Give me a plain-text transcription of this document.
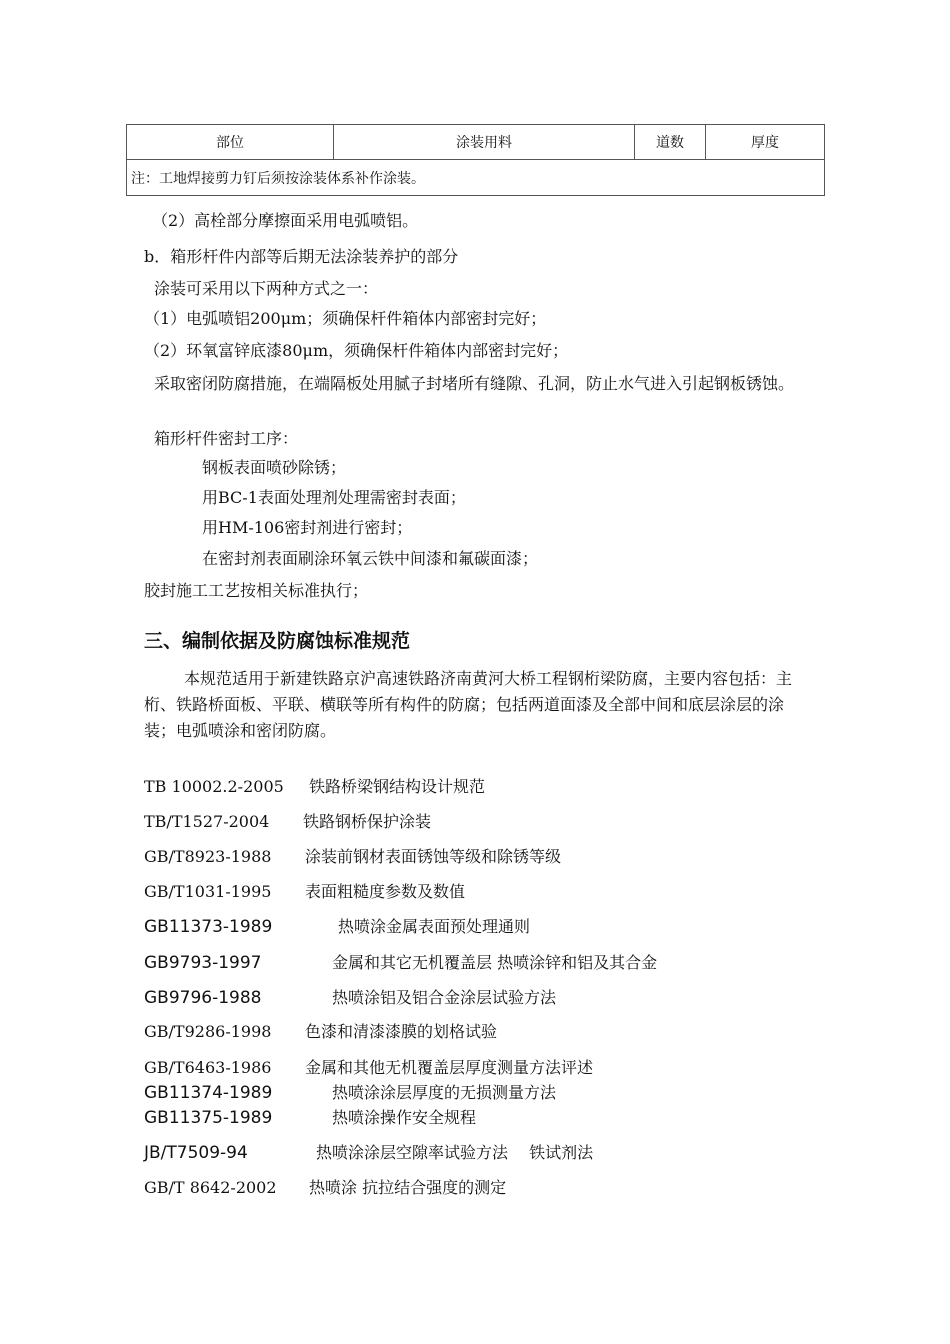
部位	涂装用料	道数	厚度
注：工地焊接剪力钉后须按涂装体系补作涂装。
（2）高栓部分摩擦面采用电弧喷铝。
b．箱形杆件内部等后期无法涂装养护的部分
涂装可采用以下两种方式之一：
（1）电弧喷铝200μm；须确保杆件箱体内部密封完好；
（2）环氧富锌底漆80μm，须确保杆件箱体内部密封完好；
采取密闭防腐措施，在端隔板处用腻子封堵所有缝隙、孔洞，防止水气进入引起钢板锈蚀。
箱形杆件密封工序：
钢板表面喷砂除锈；
用BC-1表面处理剂处理需密封表面；
用HM-106密封剂进行密封；
在密封剂表面刷涂环氧云铁中间漆和氟碳面漆；
胶封施工工艺按相关标准执行；
三、编制依据及防腐蚀标准规范
本规范适用于新建铁路京沪高速铁路济南黄河大桥工程钢桁梁防腐，主要内容包括：主桁、铁路桥面板、平联、横联等所有构件的防腐；包括两道面漆及全部中间和底层涂层的涂装；电弧喷涂和密闭防腐。
TB 10002.2-2005 铁路桥梁钢结构设计规范
TB/T1527-2004 铁路钢桥保护涂装
GB/T8923-1988 涂装前钢材表面锈蚀等级和除锈等级
GB/T1031-1995 表面粗糙度参数及数值
GB11373-1989	热喷涂金属表面预处理通则
GB9793-1997	金属和其它无机覆盖层 热喷涂锌和铝及其合金
GB9796-1988	热喷涂铝及铝合金涂层试验方法
GB/T9286-1998 色漆和清漆漆膜的划格试验
GB/T6463-1986 金属和其他无机覆盖层厚度测量方法评述
GB11374-1989	热喷涂涂层厚度的无损测量方法
GB11375-1989	热喷涂操作安全规程
JB/T7509-94	热喷涂涂层空隙率试验方法　 铁试剂法
GB/T 8642-2002 热喷涂 抗拉结合强度的测定
